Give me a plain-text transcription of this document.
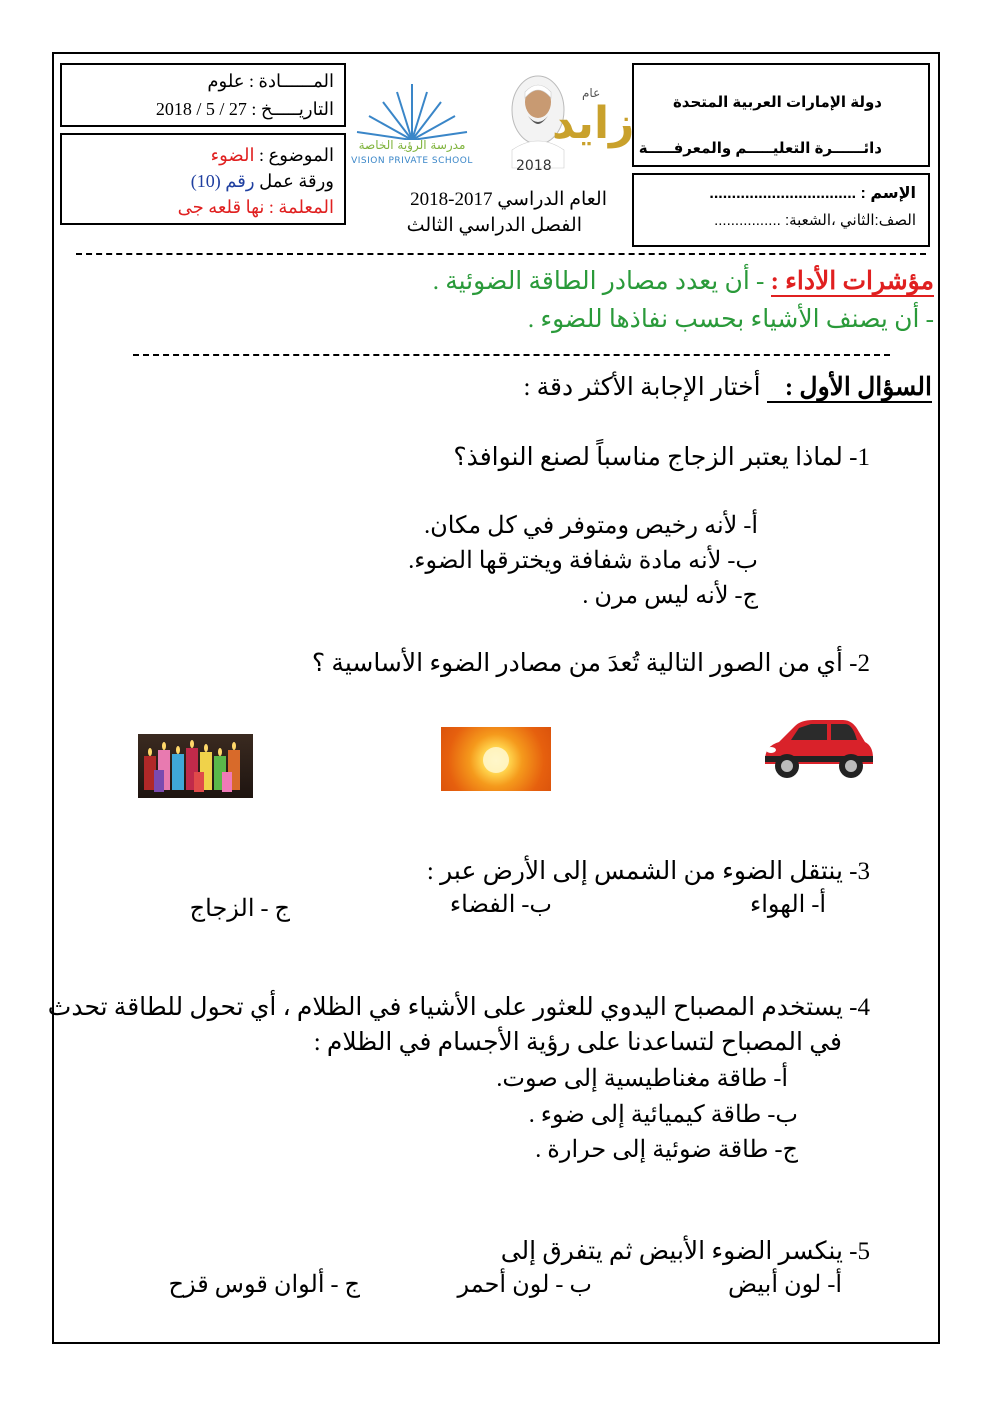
دولة الإمارات العربية المتحدة
دائــــــرة التعليـــــم والمعرفـــــة
الإسم : .................................
الصف:الثاني ،الشعبة: ................
زايد
عام
2018
مدرسة الرؤية الخاصة
VISION PRIVATE SCHOOL
العام الدراسي 2017-2018
الفصل الدراسي الثالث
المــــــادة : علوم
التاريـــــخ : 27 / 5 / 2018
الموضوع : الضوء
ورقة عمل رقم (10)
المعلمة : نها قلعه جى
مؤشرات الأداء : - أن يعدد مصادر الطاقة الضوئية .
- أن يصنف الأشياء بحسب نفاذها للضوء .
السؤال الأول : أختار الإجابة الأكثر دقة :
1- لماذا يعتبر الزجاج مناسباً لصنع النوافذ؟
أ- لأنه رخيص ومتوفر في كل مكان.
ب- لأنه مادة شفافة ويخترقها الضوء.
ج- لأنه ليس مرن .
2- أي من الصور التالية تُعدَ من مصادر الضوء الأساسية ؟
3- ينتقل الضوء من الشمس إلى الأرض عبر :
أ- الهواء
ب- الفضاء
ج - الزجاج
4- يستخدم المصباح اليدوي للعثور على الأشياء في الظلام ، أي تحول للطاقة تحدث
في المصباح لتساعدنا على رؤية الأجسام في الظلام :
أ- طاقة مغناطيسية إلى صوت.
ب- طاقة كيميائية إلى ضوء .
ج- طاقة ضوئية إلى حرارة .
5- ينكسر الضوء الأبيض ثم يتفرق إلى
أ- لون أبيض
ب - لون أحمر
ج - ألوان قوس قزح
